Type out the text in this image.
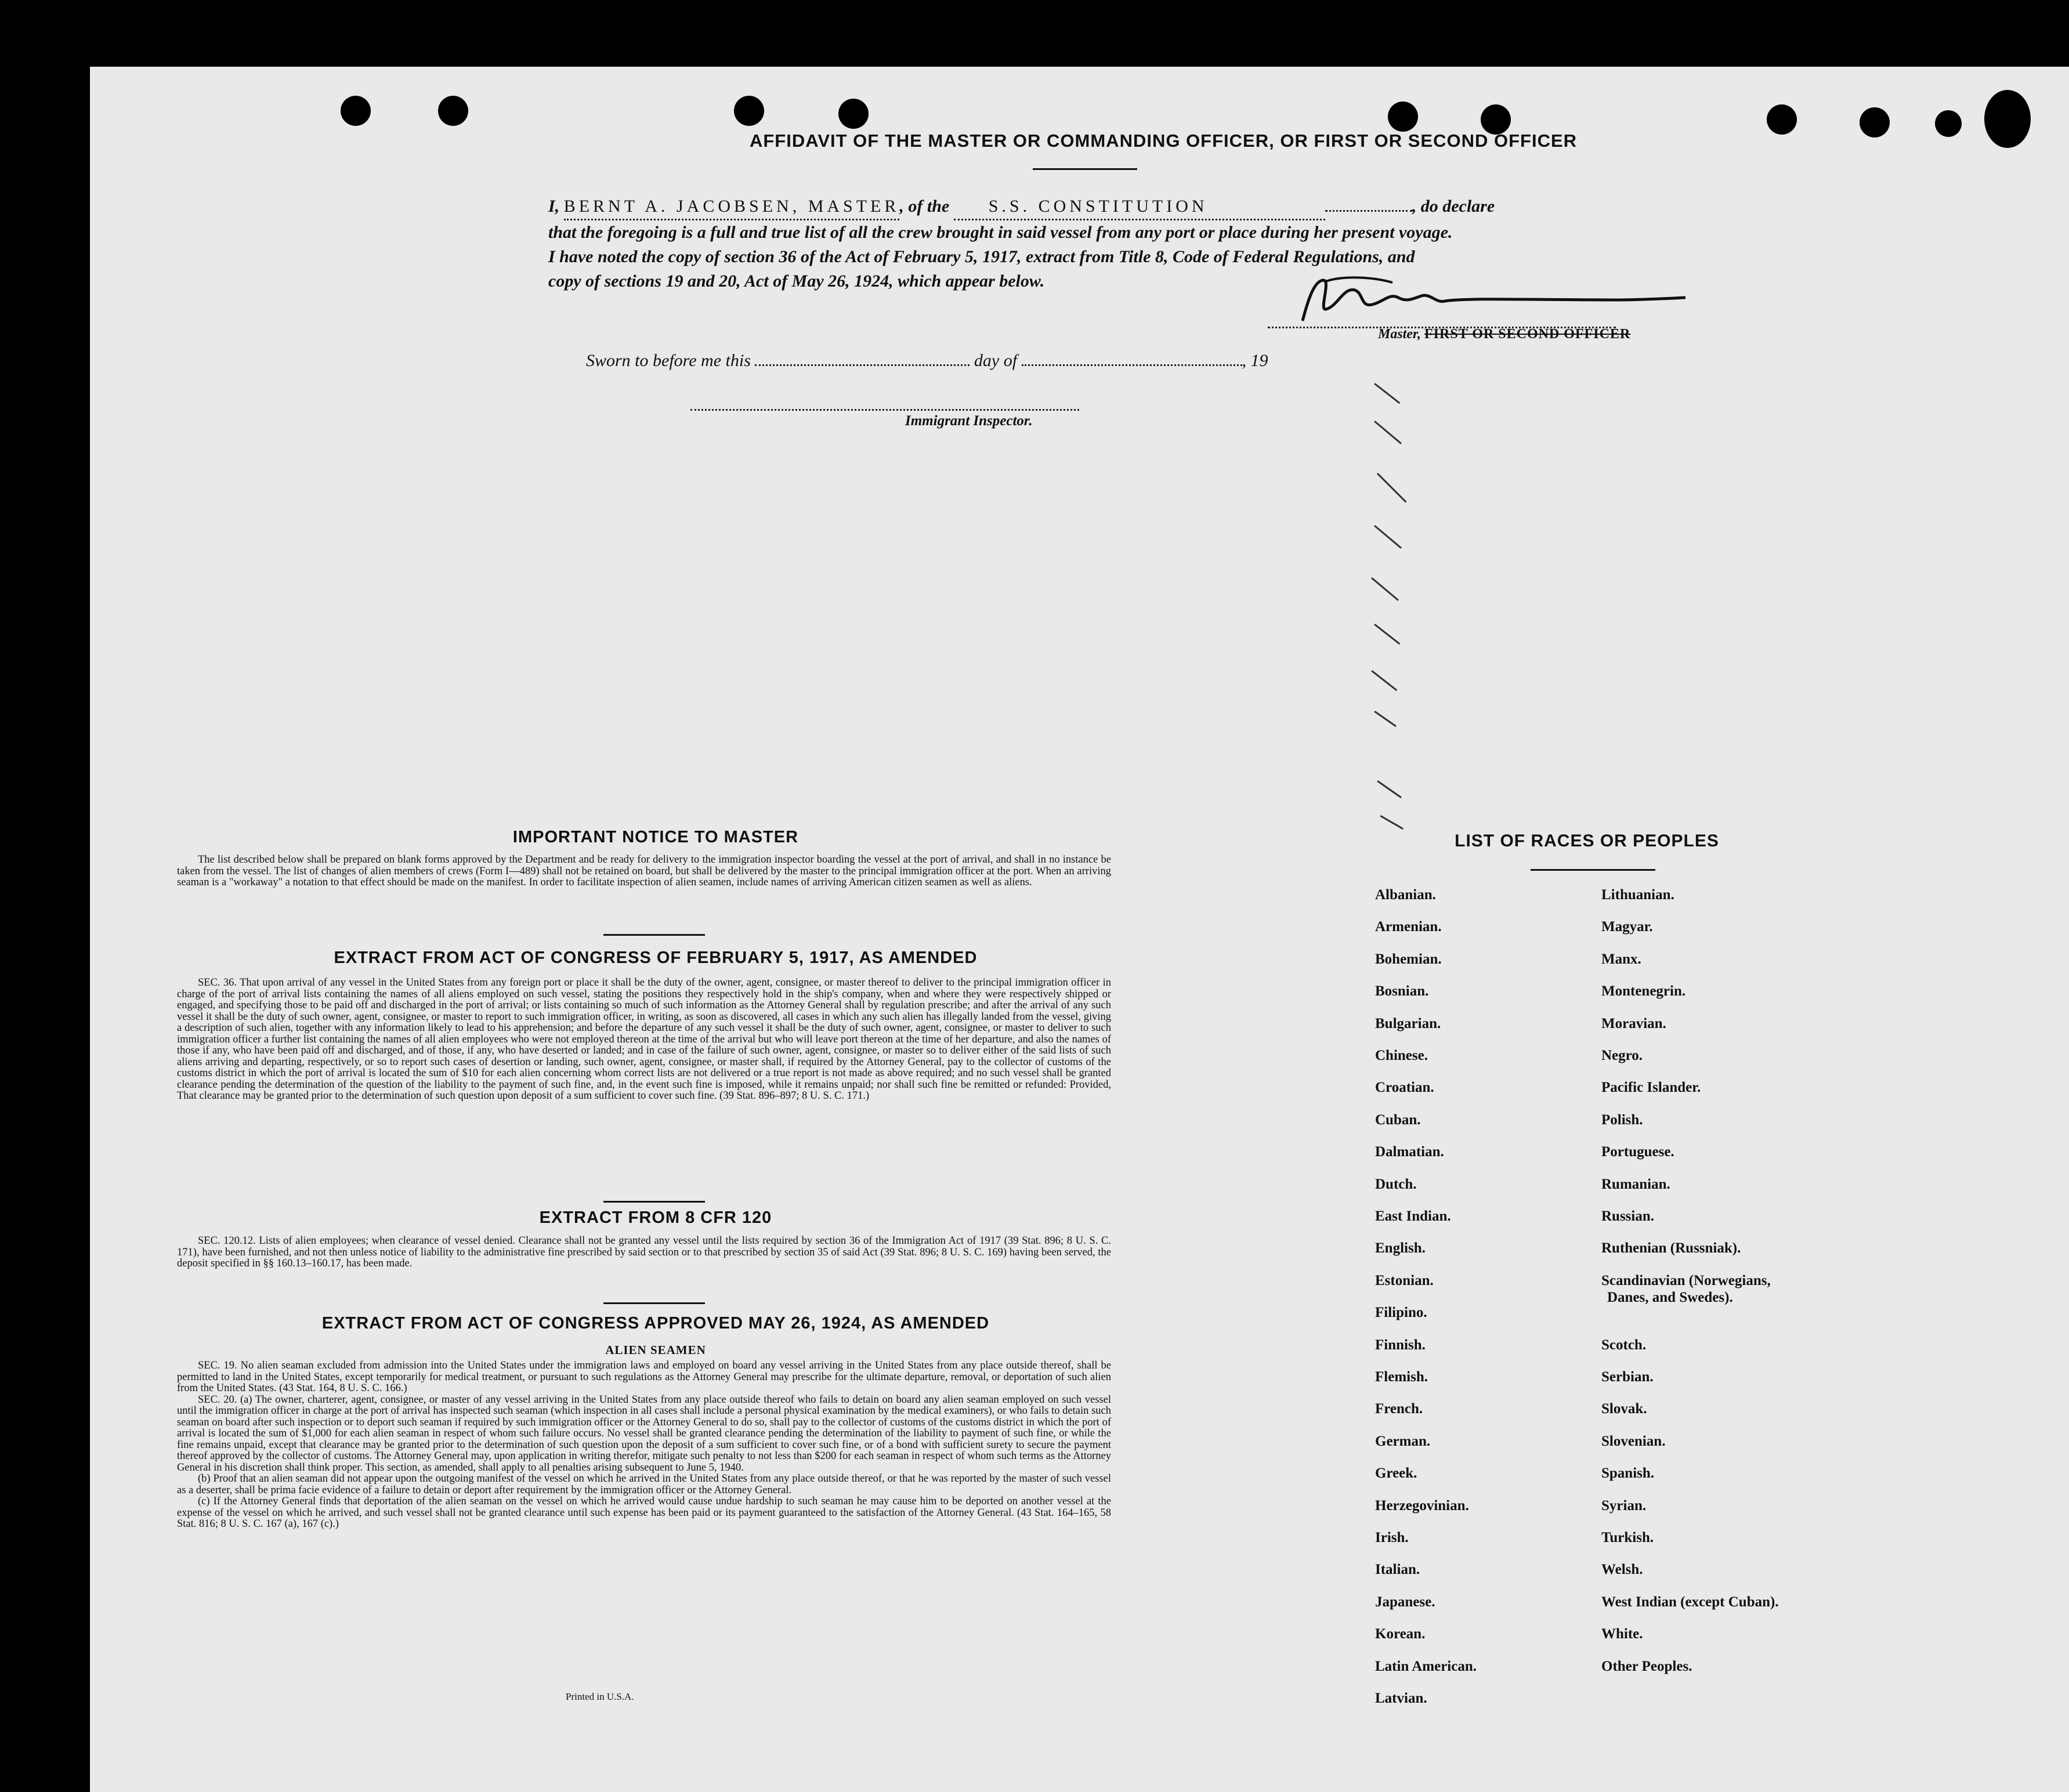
AFFIDAVIT OF THE MASTER OR COMMANDING OFFICER, OR FIRST OR SECOND OFFICER
I, BERNT A. JACOBSEN, MASTER, of the S.S. CONSTITUTION	, do declare
that the foregoing is a full and true list of all the crew brought in said vessel from any port or place during her present voyage.
I have noted the copy of section 36 of the Act of February 5, 1917, extract from Title 8, Code of Federal Regulations, and
copy of sections 19 and 20, Act of May 26, 1924, which appear below.
Master, FIRST OR SECOND OFFICER
Sworn to before me this	day of	, 19
Immigrant Inspector.
IMPORTANT NOTICE TO MASTER

The list described below shall be prepared on blank forms approved by the Department and be ready for delivery to the immigration inspector boarding the vessel at the port of arrival, and shall in no instance be taken from the vessel. The list of changes of alien members of crews (Form I—489) shall not be retained on board, but shall be delivered by the master to the principal immigration officer at the port. When an arriving seaman is a "workaway" a notation to that effect should be made on the manifest. In order to facilitate inspection of alien seamen, include names of arriving American citizen seamen as well as aliens.

EXTRACT FROM ACT OF CONGRESS OF FEBRUARY 5, 1917, AS AMENDED

SEC. 36. That upon arrival of any vessel in the United States from any foreign port or place it shall be the duty of the owner, agent, consignee, or master thereof to deliver to the principal immigration officer in charge of the port of arrival lists containing the names of all aliens employed on such vessel, stating the positions they respectively hold in the ship's company, when and where they were respectively shipped or engaged, and specifying those to be paid off and discharged in the port of arrival; or lists containing so much of such information as the Attorney General shall by regulation prescribe; and after the arrival of any such vessel it shall be the duty of such owner, agent, consignee, or master to report to such immigration officer, in writing, as soon as discovered, all cases in which any such alien has illegally landed from the vessel, giving a description of such alien, together with any information likely to lead to his apprehension; and before the departure of any such vessel it shall be the duty of such owner, agent, consignee, or master to deliver to such immigration officer a further list containing the names of all alien employees who were not employed thereon at the time of the arrival but who will leave port thereon at the time of her departure, and also the names of those if any, who have been paid off and discharged, and of those, if any, who have deserted or landed; and in case of the failure of such owner, agent, consignee, or master so to deliver either of the said lists of such aliens arriving and departing, respectively, or so to report such cases of desertion or landing, such owner, agent, consignee, or master shall, if required by the Attorney General, pay to the collector of customs of the customs district in which the port of arrival is located the sum of $10 for each alien concerning whom correct lists are not delivered or a true report is not made as above required; and no such vessel shall be granted clearance pending the determination of the question of the liability to the payment of such fine, and, in the event such fine is imposed, while it remains unpaid; nor shall such fine be remitted or refunded: Provided, That clearance may be granted prior to the determination of such question upon deposit of a sum sufficient to cover such fine. (39 Stat. 896–897; 8 U. S. C. 171.)

EXTRACT FROM 8 CFR 120

SEC. 120.12. Lists of alien employees; when clearance of vessel denied. Clearance shall not be granted any vessel until the lists required by section 36 of the Immigration Act of 1917 (39 Stat. 896; 8 U. S. C. 171), have been furnished, and not then unless notice of liability to the administrative fine prescribed by said section or to that prescribed by section 35 of said Act (39 Stat. 896; 8 U. S. C. 169) having been served, the deposit specified in §§ 160.13–160.17, has been made.

EXTRACT FROM ACT OF CONGRESS APPROVED MAY 26, 1924, AS AMENDED
ALIEN SEAMEN

SEC. 19. No alien seaman excluded from admission into the United States under the immigration laws and employed on board any vessel arriving in the United States from any place outside thereof, shall be permitted to land in the United States, except temporarily for medical treatment, or pursuant to such regulations as the Attorney General may prescribe for the ultimate departure, removal, or deportation of such alien from the United States. (43 Stat. 164, 8 U. S. C. 166.)

SEC. 20. (a) The owner, charterer, agent, consignee, or master of any vessel arriving in the United States from any place outside thereof who fails to detain on board any alien seaman employed on such vessel until the immigration officer in charge at the port of arrival has inspected such seaman (which inspection in all cases shall include a personal physical examination by the medical examiners), or who fails to detain such seaman on board after such inspection or to deport such seaman if required by such immigration officer or the Attorney General to do so, shall pay to the collector of customs of the customs district in which the port of arrival is located the sum of $1,000 for each alien seaman in respect of whom such failure occurs. No vessel shall be granted clearance pending the determination of the liability to payment of such fine, or while the fine remains unpaid, except that clearance may be granted prior to the determination of such question upon the deposit of a sum sufficient to cover such fine, or of a bond with sufficient surety to secure the payment thereof approved by the collector of customs. The Attorney General may, upon application in writing therefor, mitigate such penalty to not less than $200 for each seaman in respect of whom such terms as the Attorney General in his discretion shall think proper. This section, as amended, shall apply to all penalties arising subsequent to June 5, 1940.

(b) Proof that an alien seaman did not appear upon the outgoing manifest of the vessel on which he arrived in the United States from any place outside thereof, or that he was reported by the master of such vessel as a deserter, shall be prima facie evidence of a failure to detain or deport after requirement by the immigration officer or the Attorney General.

(c) If the Attorney General finds that deportation of the alien seaman on the vessel on which he arrived would cause undue hardship to such seaman he may cause him to be deported on another vessel at the expense of the vessel on which he arrived, and such vessel shall not be granted clearance until such expense has been paid or its payment guaranteed to the satisfaction of the Attorney General. (43 Stat. 164–165, 58 Stat. 816; 8 U. S. C. 167 (a), 167 (c).)

Printed in U.S.A.
LIST OF RACES OR PEOPLES
Albanian.
Armenian.
Bohemian.
Bosnian.
Bulgarian.
Chinese.
Croatian.
Cuban.
Dalmatian.
Dutch.
East Indian.
English.
Estonian.
Filipino.
Finnish.
Flemish.
French.
German.
Greek.
Herzegovinian.
Irish.
Italian.
Japanese.
Korean.
Latin American.
Latvian.
Lithuanian.
Magyar.
Manx.
Montenegrin.
Moravian.
Negro.
Pacific Islander.
Polish.
Portuguese.
Rumanian.
Russian.
Ruthenian (Russniak).
Scandinavian (Norwegians,
Danes, and Swedes).
Scotch.
Serbian.
Slovak.
Slovenian.
Spanish.
Syrian.
Turkish.
Welsh.
West Indian (except Cuban).
White.
Other Peoples.
